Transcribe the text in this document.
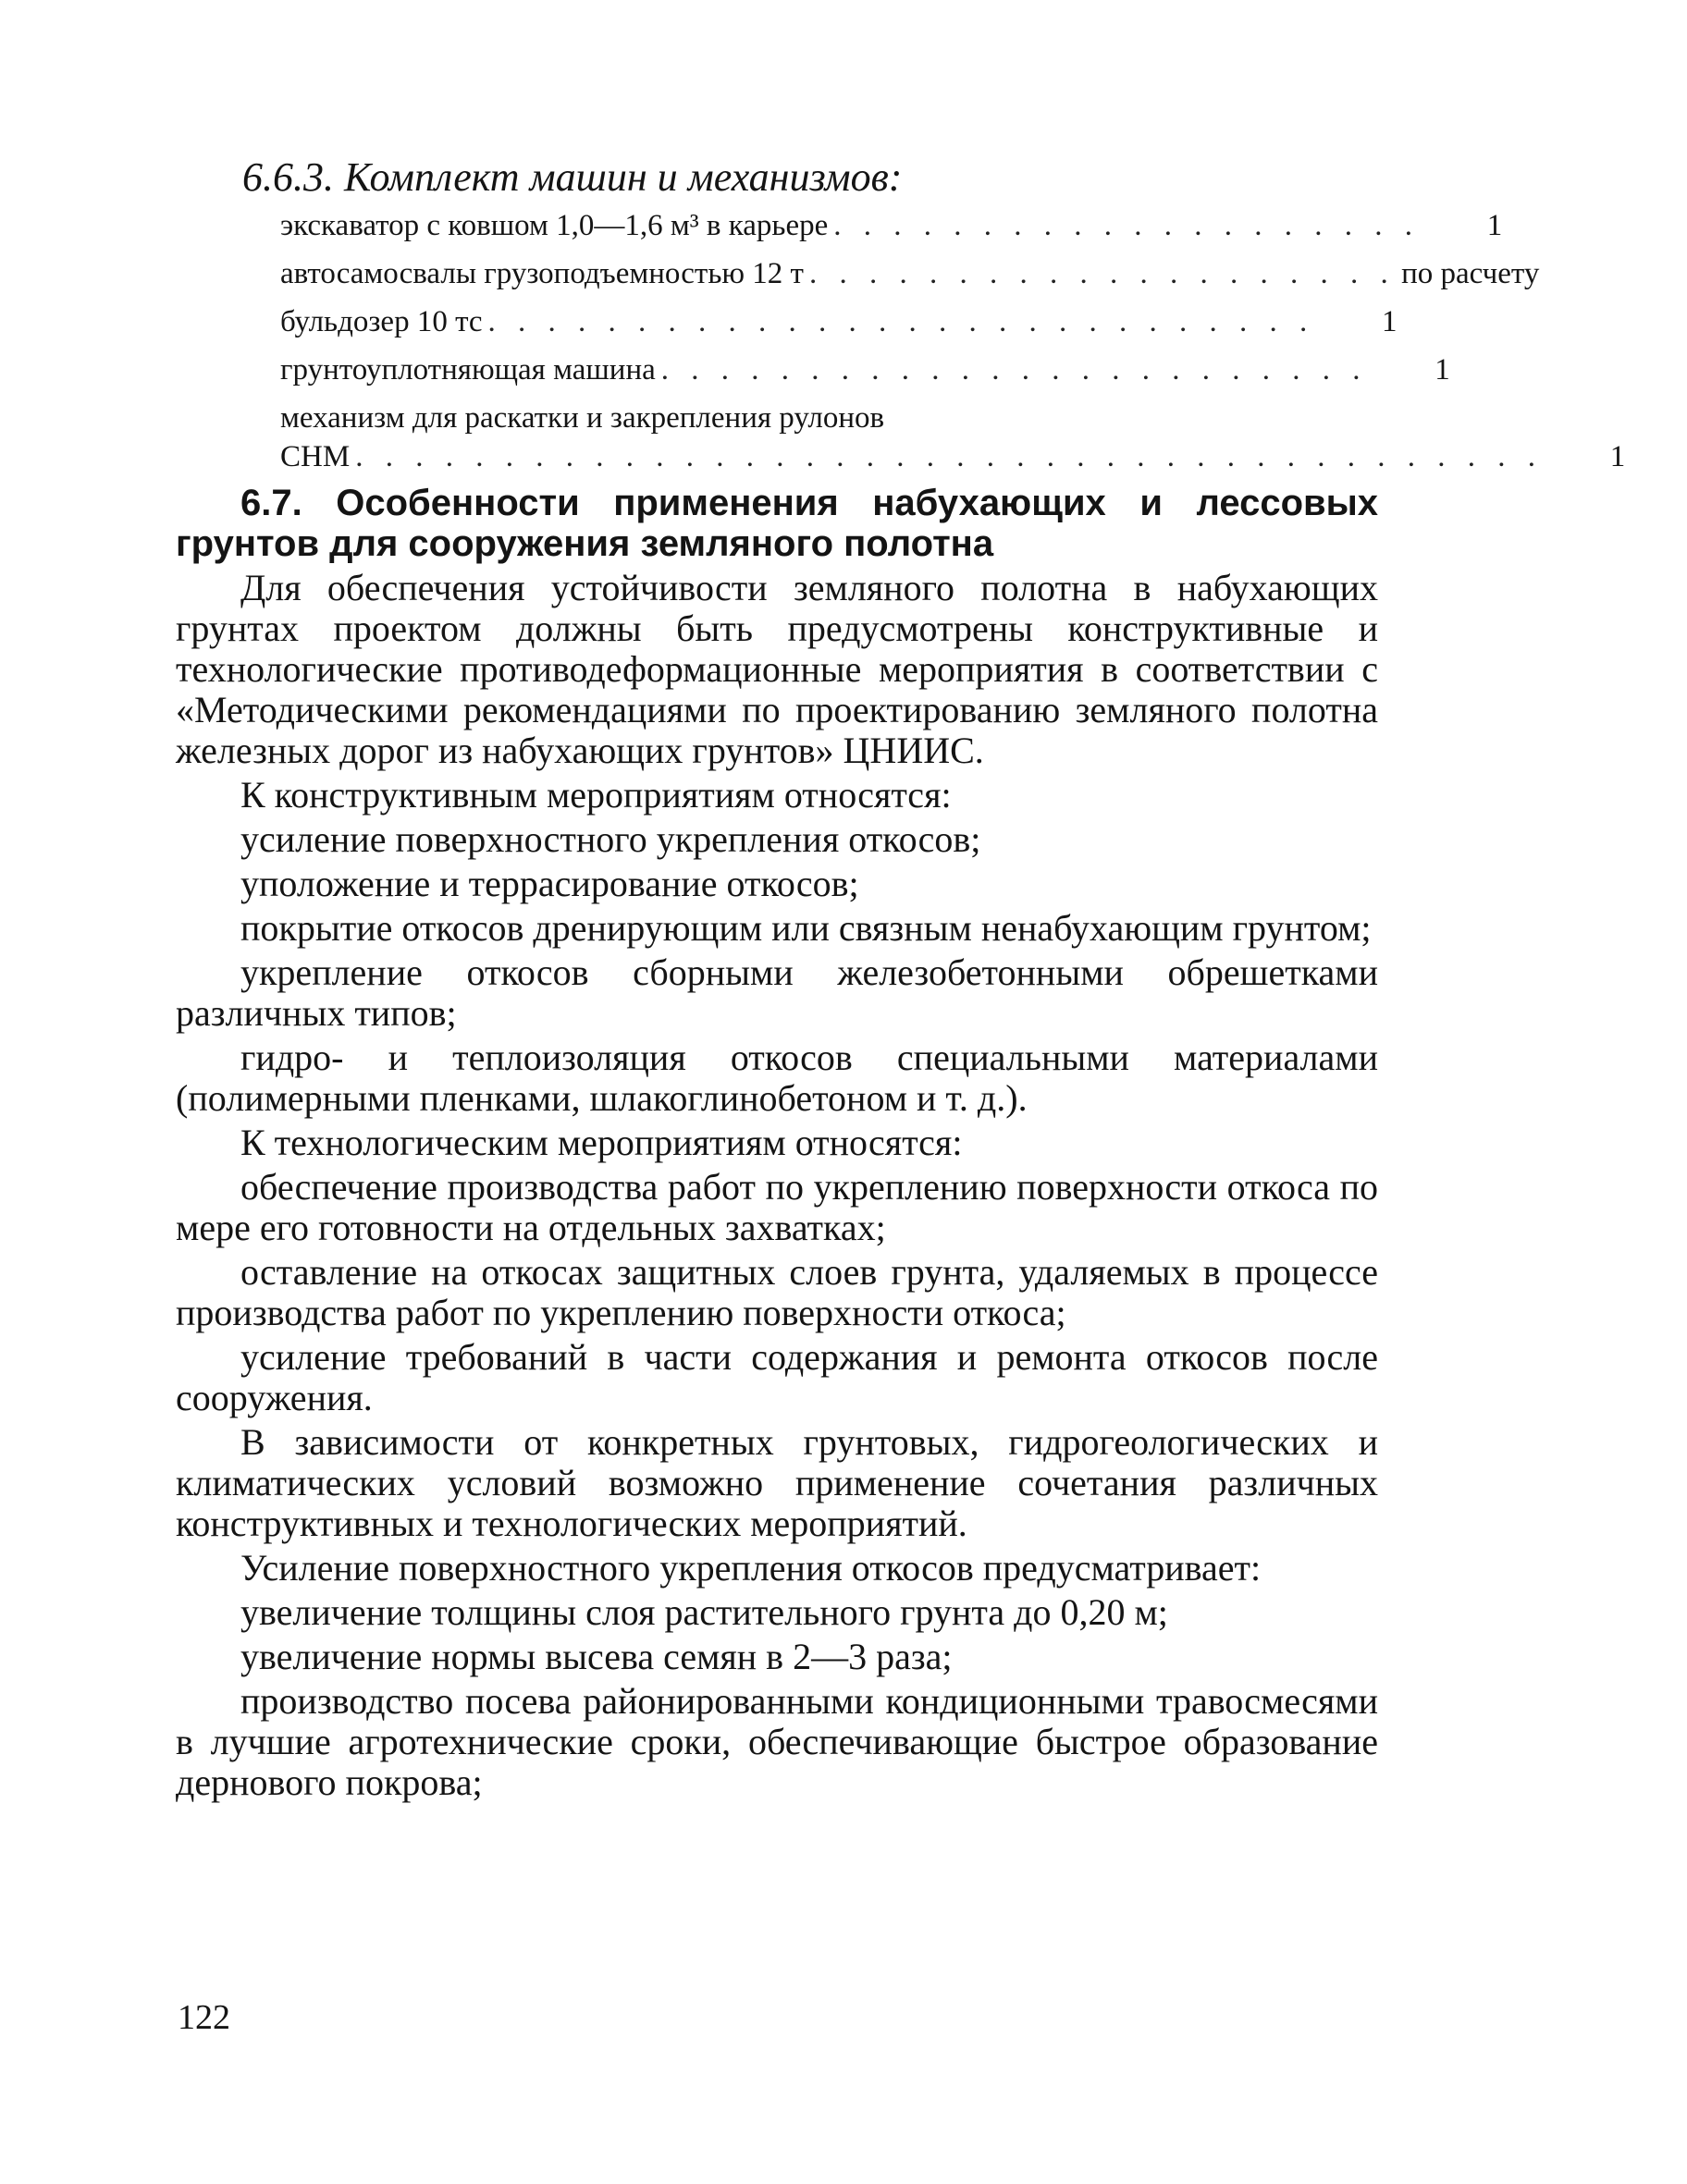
6.6.3. Комплект машин и механизмов:
экскаватор с ковшом 1,0—1,6 м³ в карьере . . . . . . . . . . . . . . . . . . . .	1
автосамосвалы грузоподъемностью 12 т . . . . . . . . . . . . . . . . . . . . по расчету
бульдозер 10 тс . . . . . . . . . . . . . . . . . . . . . . . . . . . .	1
грунтоуплотняющая машина . . . . . . . . . . . . . . . . . . . . . . . .	1
механизм для раскатки и закрепления рулонов
СНМ . . . . . . . . . . . . . . . . . . . . . . . . . . . . . . . . . . . . . . . .	1
6.7. Особенности применения набухающих и лессовых грунтов для сооружения земляного полотна
Для обеспечения устойчивости земляного полотна в набухающих грунтах проектом должны быть предусмотрены конструктивные и технологические противодеформационные мероприятия в соответствии с «Методическими рекомендациями по проектированию земляного полотна железных дорог из набухающих грунтов» ЦНИИС.
К конструктивным мероприятиям относятся:
усиление поверхностного укрепления откосов;
уположение и террасирование откосов;
покрытие откосов дренирующим или связным ненабухающим грунтом;
укрепление откосов сборными железобетонными обрешетками различных типов;
гидро- и теплоизоляция откосов специальными материалами (полимерными пленками, шлакоглинобетоном и т. д.).
К технологическим мероприятиям относятся:
обеспечение производства работ по укреплению поверхности откоса по мере его готовности на отдельных захватках;
оставление на откосах защитных слоев грунта, удаляемых в процессе производства работ по укреплению поверхности откоса;
усиление требований в части содержания и ремонта откосов после сооружения.
В зависимости от конкретных грунтовых, гидрогеологических и климатических условий возможно применение сочетания различных конструктивных и технологических мероприятий.
Усиление поверхностного укрепления откосов предусматривает:
увеличение толщины слоя растительного грунта до 0,20 м;
увеличение нормы высева семян в 2—3 раза;
производство посева районированными кондиционными травосмесями в лучшие агротехнические сроки, обеспечивающие быстрое образование дернового покрова;
122
